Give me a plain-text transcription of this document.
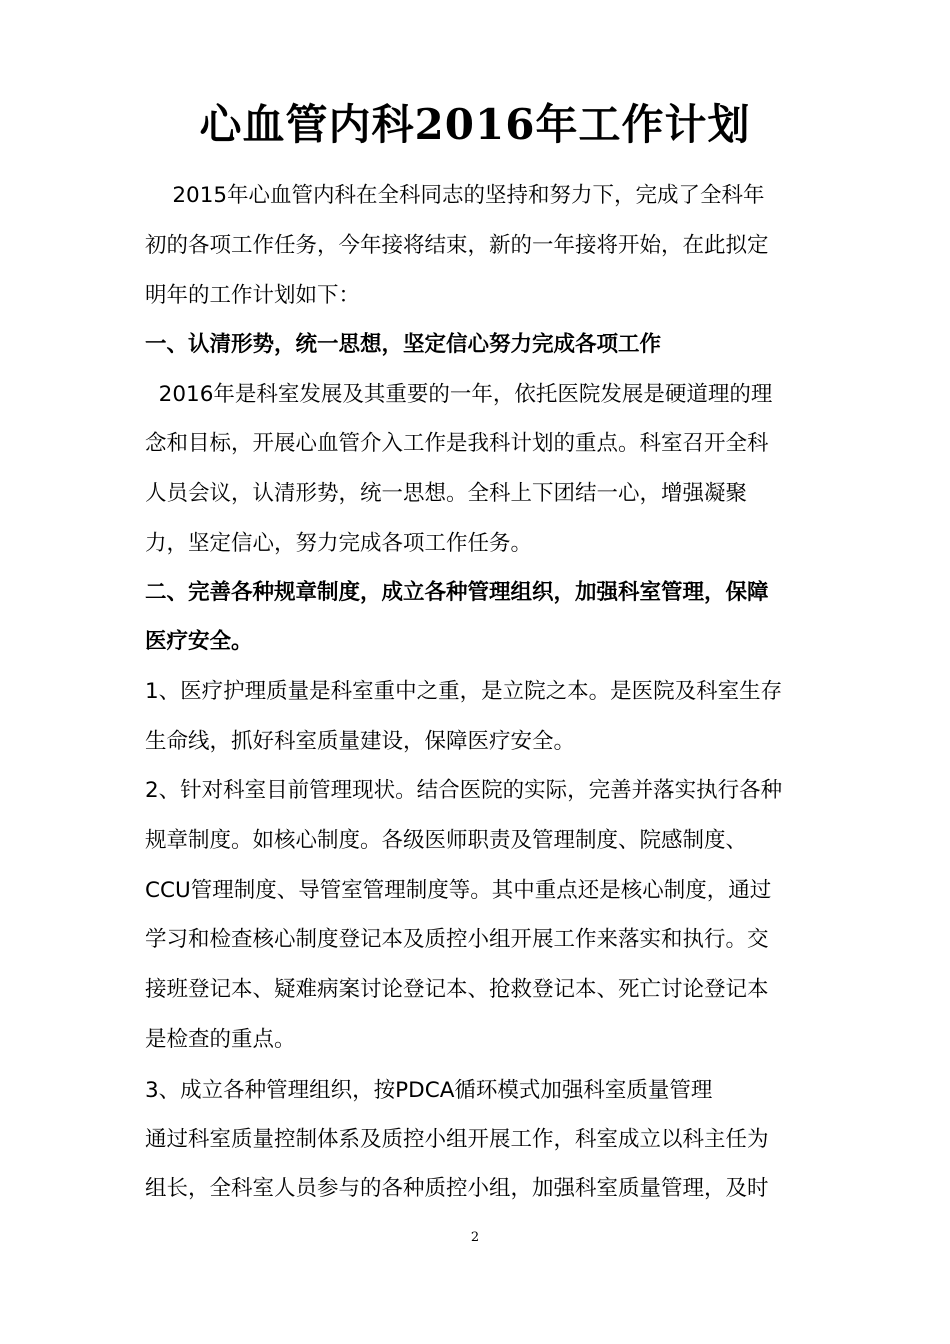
心血管内科2016年工作计划
2015年心血管内科在全科同志的坚持和努力下，完成了全科年
初的各项工作任务，今年接将结束，新的一年接将开始，在此拟定
明年的工作计划如下：
一、认清形势，统一思想，坚定信心努力完成各项工作
2016年是科室发展及其重要的一年，依托医院发展是硬道理的理
念和目标，开展心血管介入工作是我科计划的重点。科室召开全科
人员会议，认清形势，统一思想。全科上下团结一心，增强凝聚
力，坚定信心，努力完成各项工作任务。
二、完善各种规章制度，成立各种管理组织，加强科室管理，保障
医疗安全。
1、医疗护理质量是科室重中之重，是立院之本。是医院及科室生存
生命线，抓好科室质量建设，保障医疗安全。
2、针对科室目前管理现状。结合医院的实际，完善并落实执行各种
规章制度。如核心制度。各级医师职责及管理制度、院感制度、
CCU管理制度、导管室管理制度等。其中重点还是核心制度，通过
学习和检查核心制度登记本及质控小组开展工作来落实和执行。交
接班登记本、疑难病案讨论登记本、抢救登记本、死亡讨论登记本
是检查的重点。
3、成立各种管理组织，按PDCA循环模式加强科室质量管理
通过科室质量控制体系及质控小组开展工作，科室成立以科主任为
组长，全科室人员参与的各种质控小组，加强科室质量管理，及时
2
